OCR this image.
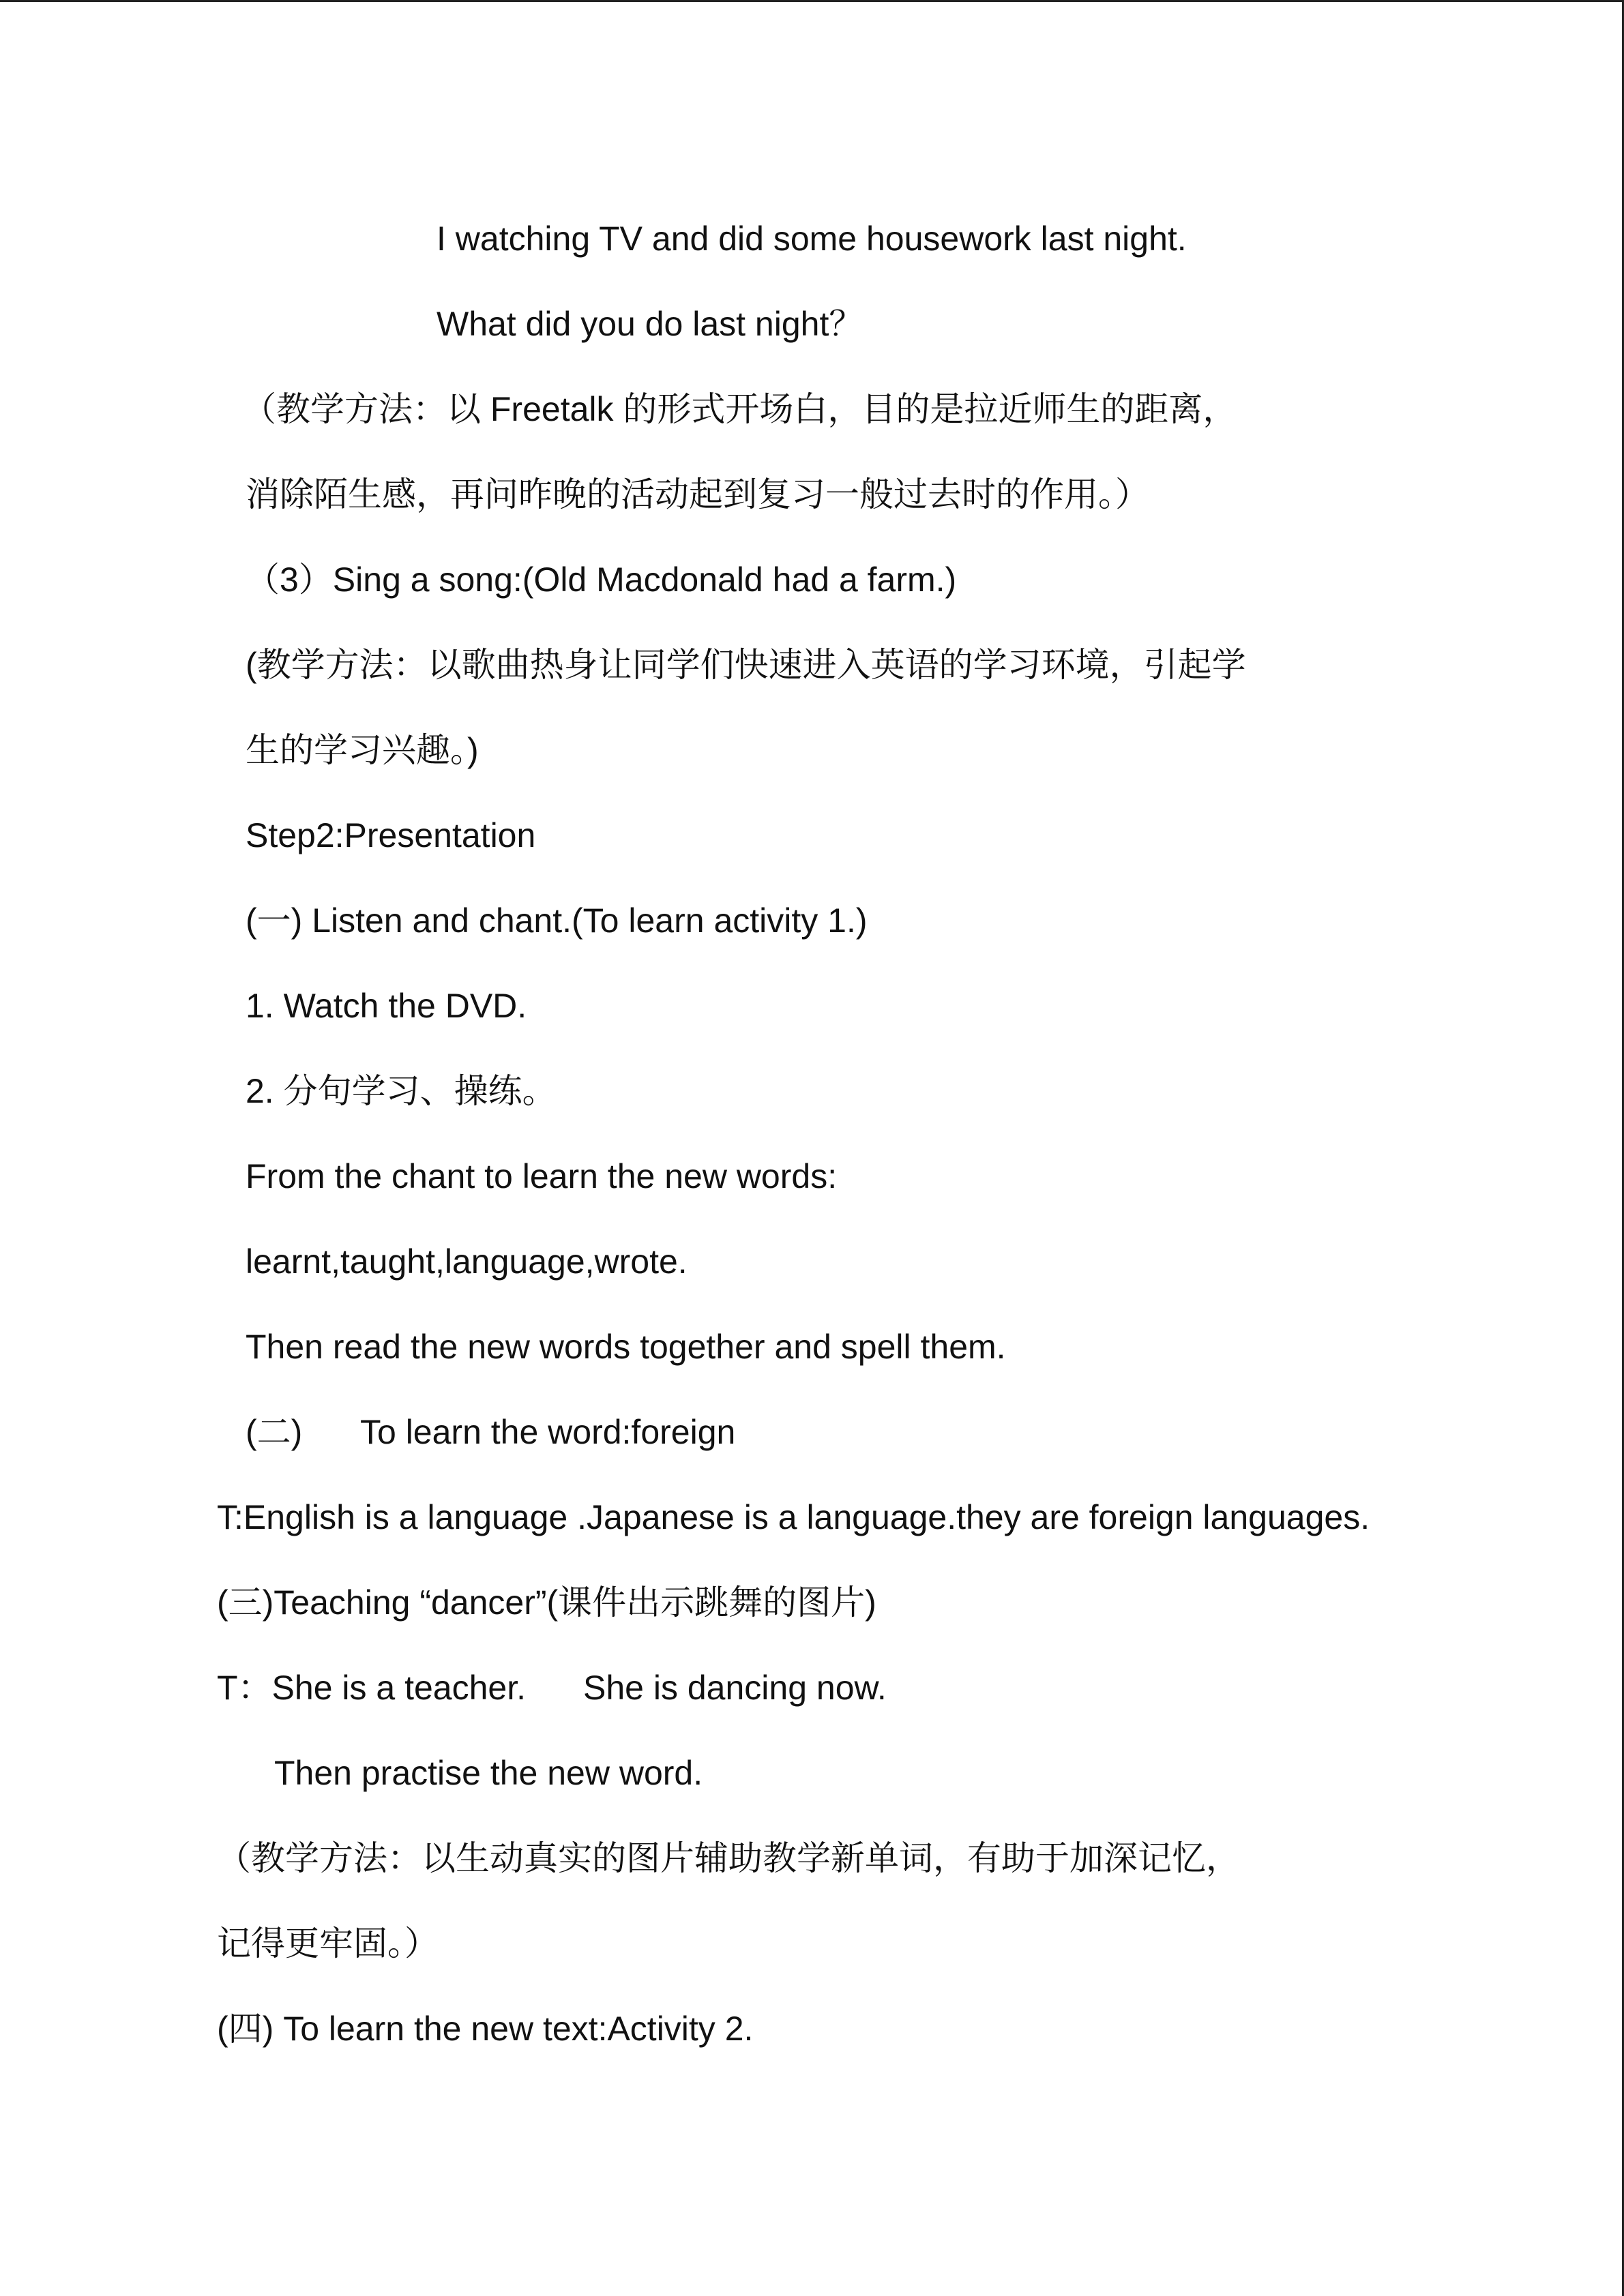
I watching TV and did some housework last night.
What did you do last night？
（教学方法：以 Freetalk 的形式开场白，目的是拉近师生的距离，
消除陌生感，再问昨晚的活动起到复习一般过去时的作用。）
（3）Sing a song:(Old Macdonald had a farm.)
(教学方法：以歌曲热身让同学们快速进入英语的学习环境，引起学
生的学习兴趣。)
Step2:Presentation
(一) Listen and chant.(To learn activity 1.)
1. Watch the DVD.
2. 分句学习、操练。
From the chant to learn the new words:
learnt,taught,language,wrote.
Then read the new words together and spell them.
(二) To learn the word:foreign
T:English is a language .Japanese is a language.they are foreign languages.
(三)Teaching “dancer”(课件出示跳舞的图片)
T：She is a teacher. She is dancing now.
Then practise the new word.
（教学方法：以生动真实的图片辅助教学新单词，有助于加深记忆，
记得更牢固。）
(四) To learn the new text:Activity 2.
